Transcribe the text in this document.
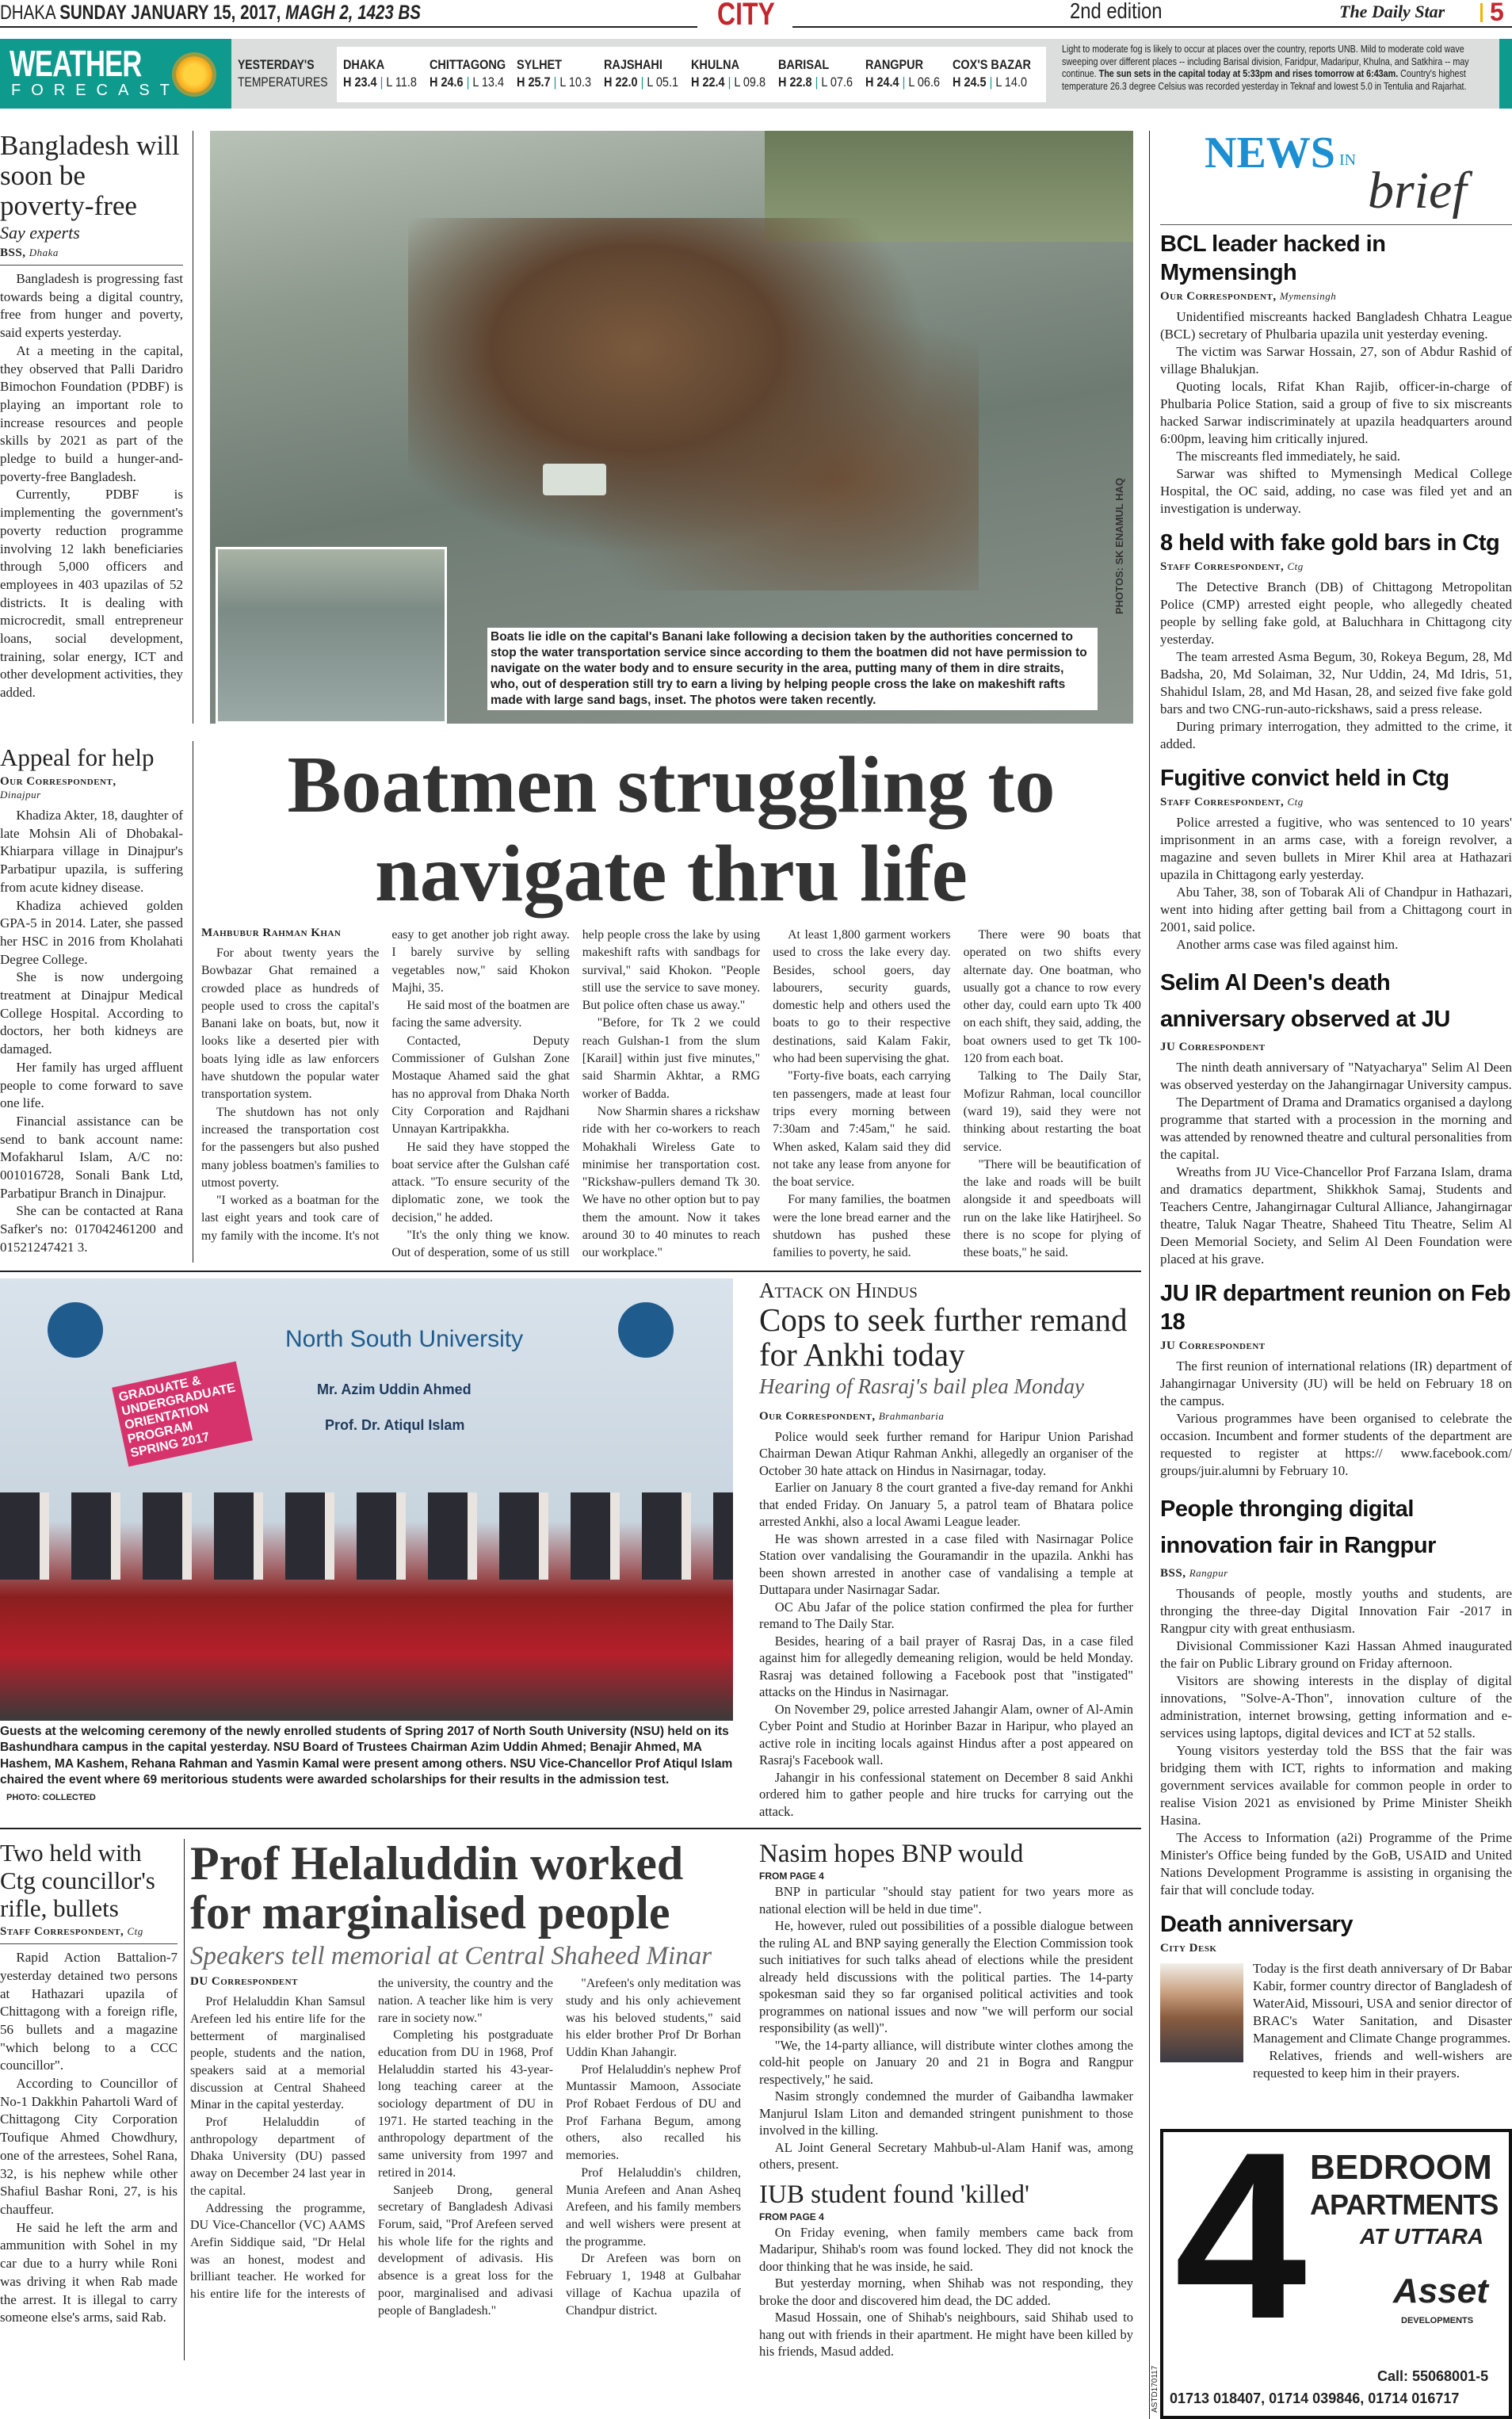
DHAKA SUNDAY JANUARY 15, 2017, MAGH 2, 1423 BS	CITY	2nd edition	The Daily Star 5
WEATHER
FORECAST
YESTERDAY'S
TEMPERATURES
DHAKA
H 23.4 | L 11.8
CHITTAGONG
H 24.6 | L 13.4
SYLHET
H 25.7 | L 10.3
RAJSHAHI
H 22.0 | L 05.1
KHULNA
H 22.4 | L 09.8
BARISAL
H 22.8 | L 07.6
RANGPUR
H 24.4 | L 06.6
COX'S BAZAR
H 24.5 | L 14.0
Light to moderate fog is likely to occur at places over the country, reports UNB. Mild to moderate cold wave sweeping over different places -- including Barisal division, Faridpur, Madaripur, Khulna, and Satkhira -- may continue. The sun sets in the capital today at 5:33pm and rises tomorrow at 6:43am. Country's highest temperature 26.3 degree Celsius was recorded yesterday in Teknaf and lowest 5.0 in Tentulia and Rajarhat.
Bangladesh will soon be poverty-free
Say experts
BSS, Dhaka

Bangladesh is progressing fast towards being a digital country, free from hunger and poverty, said experts yesterday.

At a meeting in the capital, they observed that Palli Daridro Bimochon Foundation (PDBF) is playing an important role to increase resources and people skills by 2021 as part of the pledge to build a hunger-and-poverty-free Bangladesh.

Currently, PDBF is implementing the government's poverty reduction programme involving 12 lakh beneficiaries through 5,000 officers and employees in 403 upazilas of 52 districts. It is dealing with microcredit, small entrepreneur loans, social development, training, solar energy, ICT and other development activities, they added.

PHOTOS: SK ENAMUL HAQ
Boats lie idle on the capital's Banani lake following a decision taken by the authorities concerned to stop the water transportation service since according to them the boatmen did not have permission to navigate on the water body and to ensure security in the area, putting many of them in dire straits, who, out of desperation still try to earn a living by helping people cross the lake on makeshift rafts made with large sand bags, inset. The photos were taken recently.
Appeal for help
Our Correspondent,
Dinajpur

Khadiza Akter, 18, daughter of late Mohsin Ali of Dhobakal-Khiarpara village in Dinajpur's Parbatipur upazila, is suffering from acute kidney disease.

Khadiza achieved golden GPA-5 in 2014. Later, she passed her HSC in 2016 from Kholahati Degree College.

She is now undergoing treatment at Dinajpur Medical College Hospital. According to doctors, her both kidneys are damaged.

Her family has urged affluent people to come forward to save one life.

Financial assistance can be send to bank account name: Mofakharul Islam, A/C no: 001016728, Sonali Bank Ltd, Parbatipur Branch in Dinajpur.

She can be contacted at Rana Safker's no: 017042461200 and 01521247421 3.

Boatmen struggling to navigate thru life
Mahbubur Rahman Khan

For about twenty years the Bowbazar Ghat remained a crowded place as hundreds of people used to cross the capital's Banani lake on boats, but, now it looks like a deserted pier with boats lying idle as law enforcers have shutdown the popular water transportation system.

The shutdown has not only increased the transportation cost for the passengers but also pushed many jobless boatmen's families to utmost poverty.

"I worked as a boatman for the last eight years and took care of my family with the income. It's not easy to get another job right away. I barely survive by selling vegetables now," said Khokon Majhi, 35.

He said most of the boatmen are facing the same adversity.

Contacted, Deputy Commissioner of Gulshan Zone Mostaque Ahamed said the ghat has no approval from Dhaka North City Corporation and Rajdhani Unnayan Kartripakkha.

He said they have stopped the boat service after the Gulshan café attack. "To ensure security of the diplomatic zone, we took the decision," he added.

"It's the only thing we know. Out of desperation, some of us still help people cross the lake by using makeshift rafts with sandbags for survival," said Khokon. "People still use the service to save money. But police often chase us away."

"Before, for Tk 2 we could reach Gulshan-1 from the slum [Karail] within just five minutes," said Sharmin Akhtar, a RMG worker of Badda.

Now Sharmin shares a rickshaw ride with her co-workers to reach Mohakhali Wireless Gate to minimise her transportation cost. "Rickshaw-pullers demand Tk 30. We have no other option but to pay them the amount. Now it takes around 30 to 40 minutes to reach our workplace."

At least 1,800 garment workers used to cross the lake every day. Besides, school goers, day labourers, security guards, domestic help and others used the boats to go to their respective destinations, said Kalam Fakir, who had been supervising the ghat.

"Forty-five boats, each carrying ten passengers, made at least four trips every morning between 7:30am and 7:45am," he said. When asked, Kalam said they did not take any lease from anyone for the boat service.

For many families, the boatmen were the lone bread earner and the shutdown has pushed these families to poverty, he said.

There were 90 boats that operated on two shifts every alternate day. One boatman, who usually got a chance to row every other day, could earn upto Tk 400 on each shift, they said, adding, the boat owners used to get Tk 100-120 from each boat.

Talking to The Daily Star, Mofizur Rahman, local councillor (ward 19), said they were not thinking about restarting the boat service.

"There will be beautification of the lake and roads will be built alongside it and speedboats will run on the lake like Hatirjheel. So there is no scope for plying of these boats," he said.

North South University
GRADUATE & UNDERGRADUATE ORIENTATION PROGRAM SPRING 2017
Mr. Azim Uddin Ahmed
Prof. Dr. Atiqul Islam
Guests at the welcoming ceremony of the newly enrolled students of Spring 2017 of North South University (NSU) held on its Bashundhara campus in the capital yesterday. NSU Board of Trustees Chairman Azim Uddin Ahmed; Benajir Ahmed, MA Hashem, MA Kashem, Rehana Rahman and Yasmin Kamal were present among others. NSU Vice-Chancellor Prof Atiqul Islam chaired the event where 69 meritorious students were awarded scholarships for their results in the admission test. PHOTO: COLLECTED
Attack on Hindus
Cops to seek further remand for Ankhi today
Hearing of Rasraj's bail plea Monday
Our Correspondent, Brahmanbaria

Police would seek further remand for Haripur Union Parishad Chairman Dewan Atiqur Rahman Ankhi, allegedly an organiser of the October 30 hate attack on Hindus in Nasirnagar, today.

Earlier on January 8 the court granted a five-day remand for Ankhi that ended Friday. On January 5, a patrol team of Bhatara police arrested Ankhi, also a local Awami League leader.

He was shown arrested in a case filed with Nasirnagar Police Station over vandalising the Gouramandir in the upazila. Ankhi has been shown arrested in another case of vandalising a temple at Duttapara under Nasirnagar Sadar.

OC Abu Jafar of the police station confirmed the plea for further remand to The Daily Star.

Besides, hearing of a bail prayer of Rasraj Das, in a case filed against him for allegedly demeaning religion, would be held Monday. Rasraj was detained following a Facebook post that "instigated" attacks on the Hindus in Nasirnagar.

On November 29, police arrested Jahangir Alam, owner of Al-Amin Cyber Point and Studio at Horinber Bazar in Haripur, who played an active role in inciting locals against Hindus after a post appeared on Rasraj's Facebook wall.

Jahangir in his confessional statement on December 8 said Ankhi ordered him to gather people and hire trucks for carrying out the attack.

Two held with Ctg councillor's rifle, bullets
Staff Correspondent, Ctg

Rapid Action Battalion-7 yesterday detained two persons at Hathazari upazila of Chittagong with a foreign rifle, 56 bullets and a magazine "which belong to a CCC councillor".

According to Councillor of No-1 Dakkhin Pahartoli Ward of Chittagong City Corporation Toufique Ahmed Chowdhury, one of the arrestees, Sohel Rana, 32, is his nephew while other Shafiul Bashar Roni, 27, is his chauffeur.

He said he left the arm and ammunition with Sohel in my car due to a hurry while Roni was driving it when Rab made the arrest. It is illegal to carry someone else's arms, said Rab.

Prof Helaluddin worked for marginalised people
Speakers tell memorial at Central Shaheed Minar
DU Correspondent

Prof Helaluddin Khan Samsul Arefeen led his entire life for the betterment of marginalised people, students and the nation, speakers said at a memorial discussion at Central Shaheed Minar in the capital yesterday.

Prof Helaluddin of anthropology department of Dhaka University (DU) passed away on December 24 last year in the capital.

Addressing the programme, DU Vice-Chancellor (VC) AAMS Arefin Siddique said, "Dr Helal was an honest, modest and brilliant teacher. He worked for his entire life for the interests of the university, the country and the nation. A teacher like him is very rare in society now."

Completing his postgraduate education from DU in 1968, Prof Helaluddin started his 43-year-long teaching career at the sociology department of DU in 1971. He started teaching in the anthropology department of the same university from 1997 and retired in 2014.

Sanjeeb Drong, general secretary of Bangladesh Adivasi Forum, said, "Prof Arefeen served his whole life for the rights and development of adivasis. His absence is a great loss for the poor, marginalised and adivasi people of Bangladesh."

"Arefeen's only meditation was study and his only achievement was his beloved students," said his elder brother Prof Dr Borhan Uddin Khan Jahangir.

Prof Helaluddin's nephew Prof Muntassir Mamoon, Associate Prof Robaet Ferdous of DU and Prof Farhana Begum, among others, also recalled his memories.

Prof Helaluddin's children, Munia Arefeen and Anan Asheq Arefeen, and his family members and well wishers were present at the programme.

Dr Arefeen was born on February 1, 1948 at Gulbahar village of Kachua upazila of Chandpur district.

Nasim hopes BNP would
FROM PAGE 4

BNP in particular "should stay patient for two years more as national election will be held in due time".

He, however, ruled out possibilities of a possible dialogue between the ruling AL and BNP saying generally the Election Commission took such initiatives for such talks ahead of elections while the president already held discussions with the political parties. The 14-party spokesman said they so far organised political activities and took programmes on national issues and now "we will perform our social responsibility (as well)".

"We, the 14-party alliance, will distribute winter clothes among the cold-hit people on January 20 and 21 in Bogra and Rangpur respectively," he said.

Nasim strongly condemned the murder of Gaibandha lawmaker Manjurul Islam Liton and demanded stringent punishment to those involved in the killing.

AL Joint General Secretary Mahbub-ul-Alam Hanif was, among others, present.

IUB student found 'killed'
FROM PAGE 4

On Friday evening, when family members came back from Madaripur, Shihab's room was found locked. They did not knock the door thinking that he was inside, he said.

But yesterday morning, when Shihab was not responding, they broke the door and discovered him dead, the DC added.

Masud Hossain, one of Shihab's neighbours, said Shihab used to hang out with friends in their apartment. He might have been killed by his friends, Masud added.

NEWS IN
brief
BCL leader hacked in Mymensingh
Our Correspondent, Mymensingh

Unidentified miscreants hacked Bangladesh Chhatra League (BCL) secretary of Phulbaria upazila unit yesterday evening.

The victim was Sarwar Hossain, 27, son of Abdur Rashid of village Bhalukjan.

Quoting locals, Rifat Khan Rajib, officer-in-charge of Phulbaria Police Station, said a group of five to six miscreants hacked Sarwar indiscriminately at upazila headquarters around 6:00pm, leaving him critically injured.

The miscreants fled immediately, he said.

Sarwar was shifted to Mymensingh Medical College Hospital, the OC said, adding, no case was filed yet and an investigation is underway.

8 held with fake gold bars in Ctg
Staff Correspondent, Ctg

The Detective Branch (DB) of Chittagong Metropolitan Police (CMP) arrested eight people, who allegedly cheated people by selling fake gold, at Baluchhara in Chittagong city yesterday.

The team arrested Asma Begum, 30, Rokeya Begum, 28, Md Badsha, 20, Md Solaiman, 32, Nur Uddin, 24, Md Idris, 51, Shahidul Islam, 28, and Md Hasan, 28, and seized five fake gold bars and two CNG-run-auto-rickshaws, said a press release.

During primary interrogation, they admitted to the crime, it added.

Fugitive convict held in Ctg
Staff Correspondent, Ctg

Police arrested a fugitive, who was sentenced to 10 years' imprisonment in an arms case, with a foreign revolver, a magazine and seven bullets in Mirer Khil area at Hathazari upazila in Chittagong early yesterday.

Abu Taher, 38, son of Tobarak Ali of Chandpur in Hathazari, went into hiding after getting bail from a Chittagong court in 2001, said police.

Another arms case was filed against him.

Selim Al Deen's death anniversary observed at JU
JU Correspondent

The ninth death anniversary of "Natyacharya" Selim Al Deen was observed yesterday on the Jahangirnagar University campus.

The Department of Drama and Dramatics organised a daylong programme that started with a procession in the morning and was attended by renowned theatre and cultural personalities from the capital.

Wreaths from JU Vice-Chancellor Prof Farzana Islam, drama and dramatics department, Shikkhok Samaj, Students and Teachers Centre, Jahangirnagar Cultural Alliance, Jahangirnagar theatre, Taluk Nagar Theatre, Shaheed Titu Theatre, Selim Al Deen Memorial Society, and Selim Al Deen Foundation were placed at his grave.

JU IR department reunion on Feb 18
JU Correspondent

The first reunion of international relations (IR) department of Jahangirnagar University (JU) will be held on February 18 on the campus.

Various programmes have been organised to celebrate the occasion. Incumbent and former students of the department are requested to register at https:// www.facebook.com/ groups/juir.alumni by February 10.

People thronging digital innovation fair in Rangpur
BSS, Rangpur

Thousands of people, mostly youths and students, are thronging the three-day Digital Innovation Fair -2017 in Rangpur city with great enthusiasm.

Divisional Commissioner Kazi Hassan Ahmed inaugurated the fair on Public Library ground on Friday afternoon.

Visitors are showing interests in the display of digital innovations, "Solve-A-Thon", innovation culture of the administration, internet browsing, getting information and e-services using laptops, digital devices and ICT at 52 stalls.

Young visitors yesterday told the BSS that the fair was bridging them with ICT, rights to information and making government services available for common people in order to realise Vision 2021 as envisioned by Prime Minister Sheikh Hasina.

The Access to Information (a2i) Programme of the Prime Minister's Office being funded by the GoB, USAID and United Nations Development Programme is assisting in organising the fair that will conclude today.

Death anniversary
City Desk

Today is the first death anniversary of Dr Babar Kabir, former country director of Bangladesh of WaterAid, Missouri, USA and senior director of BRAC's Water Sanitation, and Disaster Management and Climate Change programmes.

Relatives, friends and well-wishers are requested to keep him in their prayers.

4 BEDROOM
APARTMENTS
AT UTTARA
Asset
DEVELOPMENTS
Call: 55068001-5
01713 018407, 01714 039846, 01714 016717
ASTD170117
